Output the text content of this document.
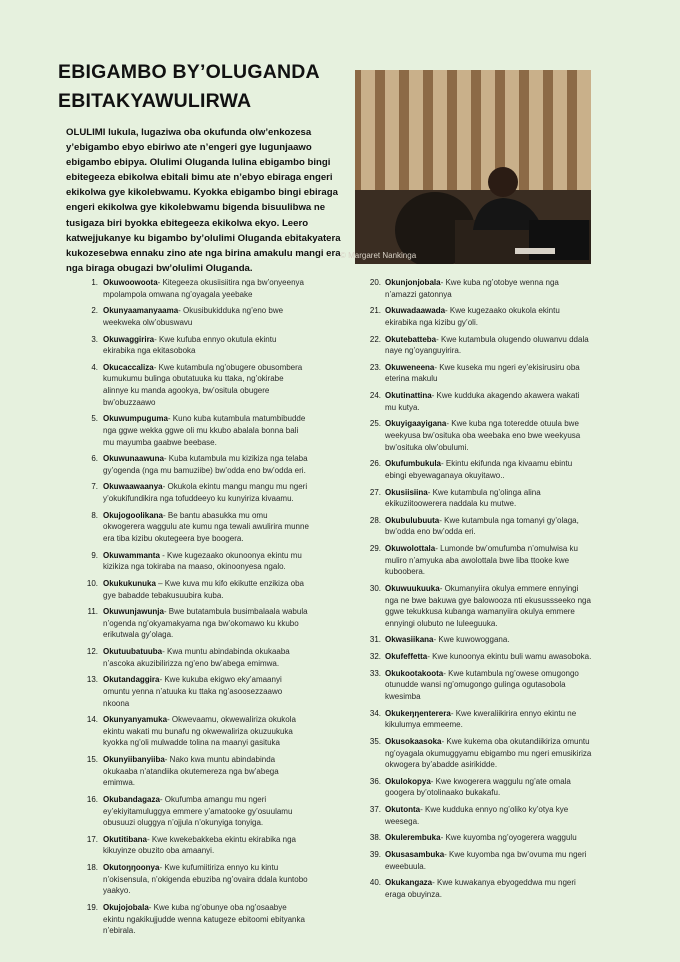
EBIGAMBO BY’OLUGANDA EBITAKYAWULIRWA

OLULIMI lukula, lugaziwa oba okufunda olw’enkozesa y’ebigambo ebyo ebiriwo ate n’engeri gye lugunjaawo ebigambo ebipya. Olulimi Oluganda lulina ebigambo bingi ebitegeeza ebikolwa ebitali bimu ate n’ebyo ebiraga engeri ekikolwa gye kikolebwamu. Kyokka ebigambo bingi ebiraga engeri ekikolwa gye kikolebwamu bigenda bisuulibwa ne tusigaza biri byokka ebitegeeza ekikolwa ekyo. Leero katwejjukanye ku bigambo by’olulimi Oluganda ebitakyatera kukozesebwa ennaku zino ate nga birina amakulu mangi era nga biraga obugazi bw’olulimi Oluganda.

© Margaret Nankinga
1. Okuwoowoota- Kitegeeza okusiisiitira nga bw’onyeenya mpolampola omwana ng’oyagala yeebake
2. Okunyaamanyaama- Okusibukidduka ng’eno bwe weekweka olw’obuswavu
3. Okuwaggirira- Kwe kufuba ennyo okutula ekintu ekirabika nga ekitasoboka
4. Okucaccaliza- Kwe kutambula ng’obugere obusombera kumukumu bulinga obutatuuka ku ttaka, ng’okirabe alinnye ku manda agookya, bw’ositula obugere bw’obuzzaawo
5. Okuwumpuguma- Kuno kuba kutambula matumbibudde nga ggwe wekka ggwe oli mu kkubo abalala bonna bali mu mayumba gaabwe beebase.
6. Okuwunaawuna- Kuba kutambula mu kizikiza nga telaba gy’ogenda (nga mu bamuziibe) bw’odda eno bw’odda eri.
7. Okuwaawaanya- Okukola ekintu mangu mangu mu ngeri y’okukifundikira nga tofuddeeyo ku kunyiriza kivaamu.
8. Okujogoolikana- Be bantu abasukka mu omu okwogerera waggulu ate kumu nga tewali awulirira munne era tiba kizibu okutegeera bye boogera.
9. Okuwammanta - Kwe kugezaako okunoonya ekintu mu kizikiza nga tokiraba na maaso, okinoonyesa ngalo.
10. Okukukunuka – Kwe kuva mu kifo ekikutte enzikiza oba gye babadde tebakusuubira kuba.
11. Okuwunjawunja- Bwe butatambula busimbalaala wabula n’ogenda ng’okyamakyama nga bw’okomawo ku kkubo erikutwala gy’olaga.
12. Okutuubatuuba- Kwa muntu abindabinda okukaaba n’ascoka akuzibilirizza ng’eno bw’abega emimwa.
13. Okutandaggira- Kwe kukuba ekigwo eky’amaanyi omuntu yenna n’atuuka ku ttaka ng’asoosezzaawo nkoona
14. Okunyanyamuka- Okwevaamu, okwewaliriza okukola ekintu wakati mu bunafu ng okwewaliriza okuzuukuka kyokka ng’oli mulwadde tolina na maanyi gasituka
15. Okunyiibanyiiba- Nako kwa muntu abindabinda okukaaba n’atandiika okutemereza nga bw’abega emimwa.
16. Okubandagaza- Okufumba amangu mu ngeri ey’ekiyitamuluggya emmere y’amatooke gy’osuulamu obusuuzi oluggya n’ojjula n’okunyiga tonyiga.
17. Okutitibana- Kwe kwekebakkeba ekintu ekirabika nga kikuyinze obuzito oba amaanyi.
18. Okutoŋŋoonya- Kwe kufumiitiriza ennyo ku kintu n’okisensula, n’okigenda ebuziba ng’ovaira ddala kuntobo yaakyo.
19. Okujojobala- Kwe kuba ng’obunye oba ng’osaabye ekintu ngakikujjudde wenna katugeze ebitoomi ebityanka n’ebirala.
20. Okunjonjobala- Kwe kuba ng’otobye wenna nga n’amazzi gatonnya
21. Okuwadaawada- Kwe kugezaako okukola ekintu ekirabika nga kizibu gy’oli.
22. Okutebatteba- Kwe kutambula olugendo oluwanvu ddala naye ng’oyanguyirira.
23. Okuweneena- Kwe kuseka mu ngeri ey’ekisirusiru oba eterina makulu
24. Okutinattina- Kwe kudduka akagendo akawera wakati mu kutya.
25. Okuyigaayigana- Kwe kuba nga toteredde otuula bwe weekyusa bw’osituka oba weebaka eno bwe weekyusa bw’osituka olw’obulumi.
26. Okufumbukula- Ekintu ekifunda nga kivaamu ebintu ebingi ebyewaganaya okuyitawo..
27. Okusiisiina- Kwe kutambula ng’olinga alina ekikuziitoowerera naddala ku mutwe.
28. Okubulubuuta- Kwe kutambula nga tomanyi gy’olaga, bw’odda eno bw’odda eri.
29. Okuwolottala- Lumonde bw’omufumba n’omulwisa ku muliro n’amyuka aba awolottala bwe liba ttooke kwe kubooberа.
30. Okuwuukuuka- Okumanyiira okulya emmere ennyingi nga ne bwe bakuwa gye balowooza nti ekusussseeko nga ggwe tekukkusa kubanga wamanyiira okulya emmere ennyingi olubuto ne luleeguuka.
31. Okwasiikana- Kwe kuwowoggana.
32. Okufeffetta- Kwe kunoonya ekintu buli wamu awasoboka.
33. Okukootakoota- Kwe kutambula ng’owese omugongo otunudde wansi ng’omugongo gulinga ogutasobola kwesimba
34. Okukeŋŋenterera- Kwe kweraliikirira ennyo ekintu ne kikulumya emmeeme.
35. Okusokaasoka- Kwe kukema oba okutandiikiriza omuntu ng’oyagala okumuggyamu ebigambo mu ngeri emusikiriza okwogera by’abadde asirikidde.
36. Okulokopya- Kwe kwogerera waggulu ng’ate omala googera by’otolinaako bukakafu.
37. Okutonta- Kwe kudduka ennyo ng’oliko ky’otya kye weesega.
38. Okulerembuka- Kwe kuyomba ng’oyogerera waggulu
39. Okusasambuka- Kwe kuyomba nga bw’ovuma mu ngeri eweebuula.
40. Okukangaza- Kwe kuwakanya ebyogeddwa mu ngeri eraga obuyinza.
